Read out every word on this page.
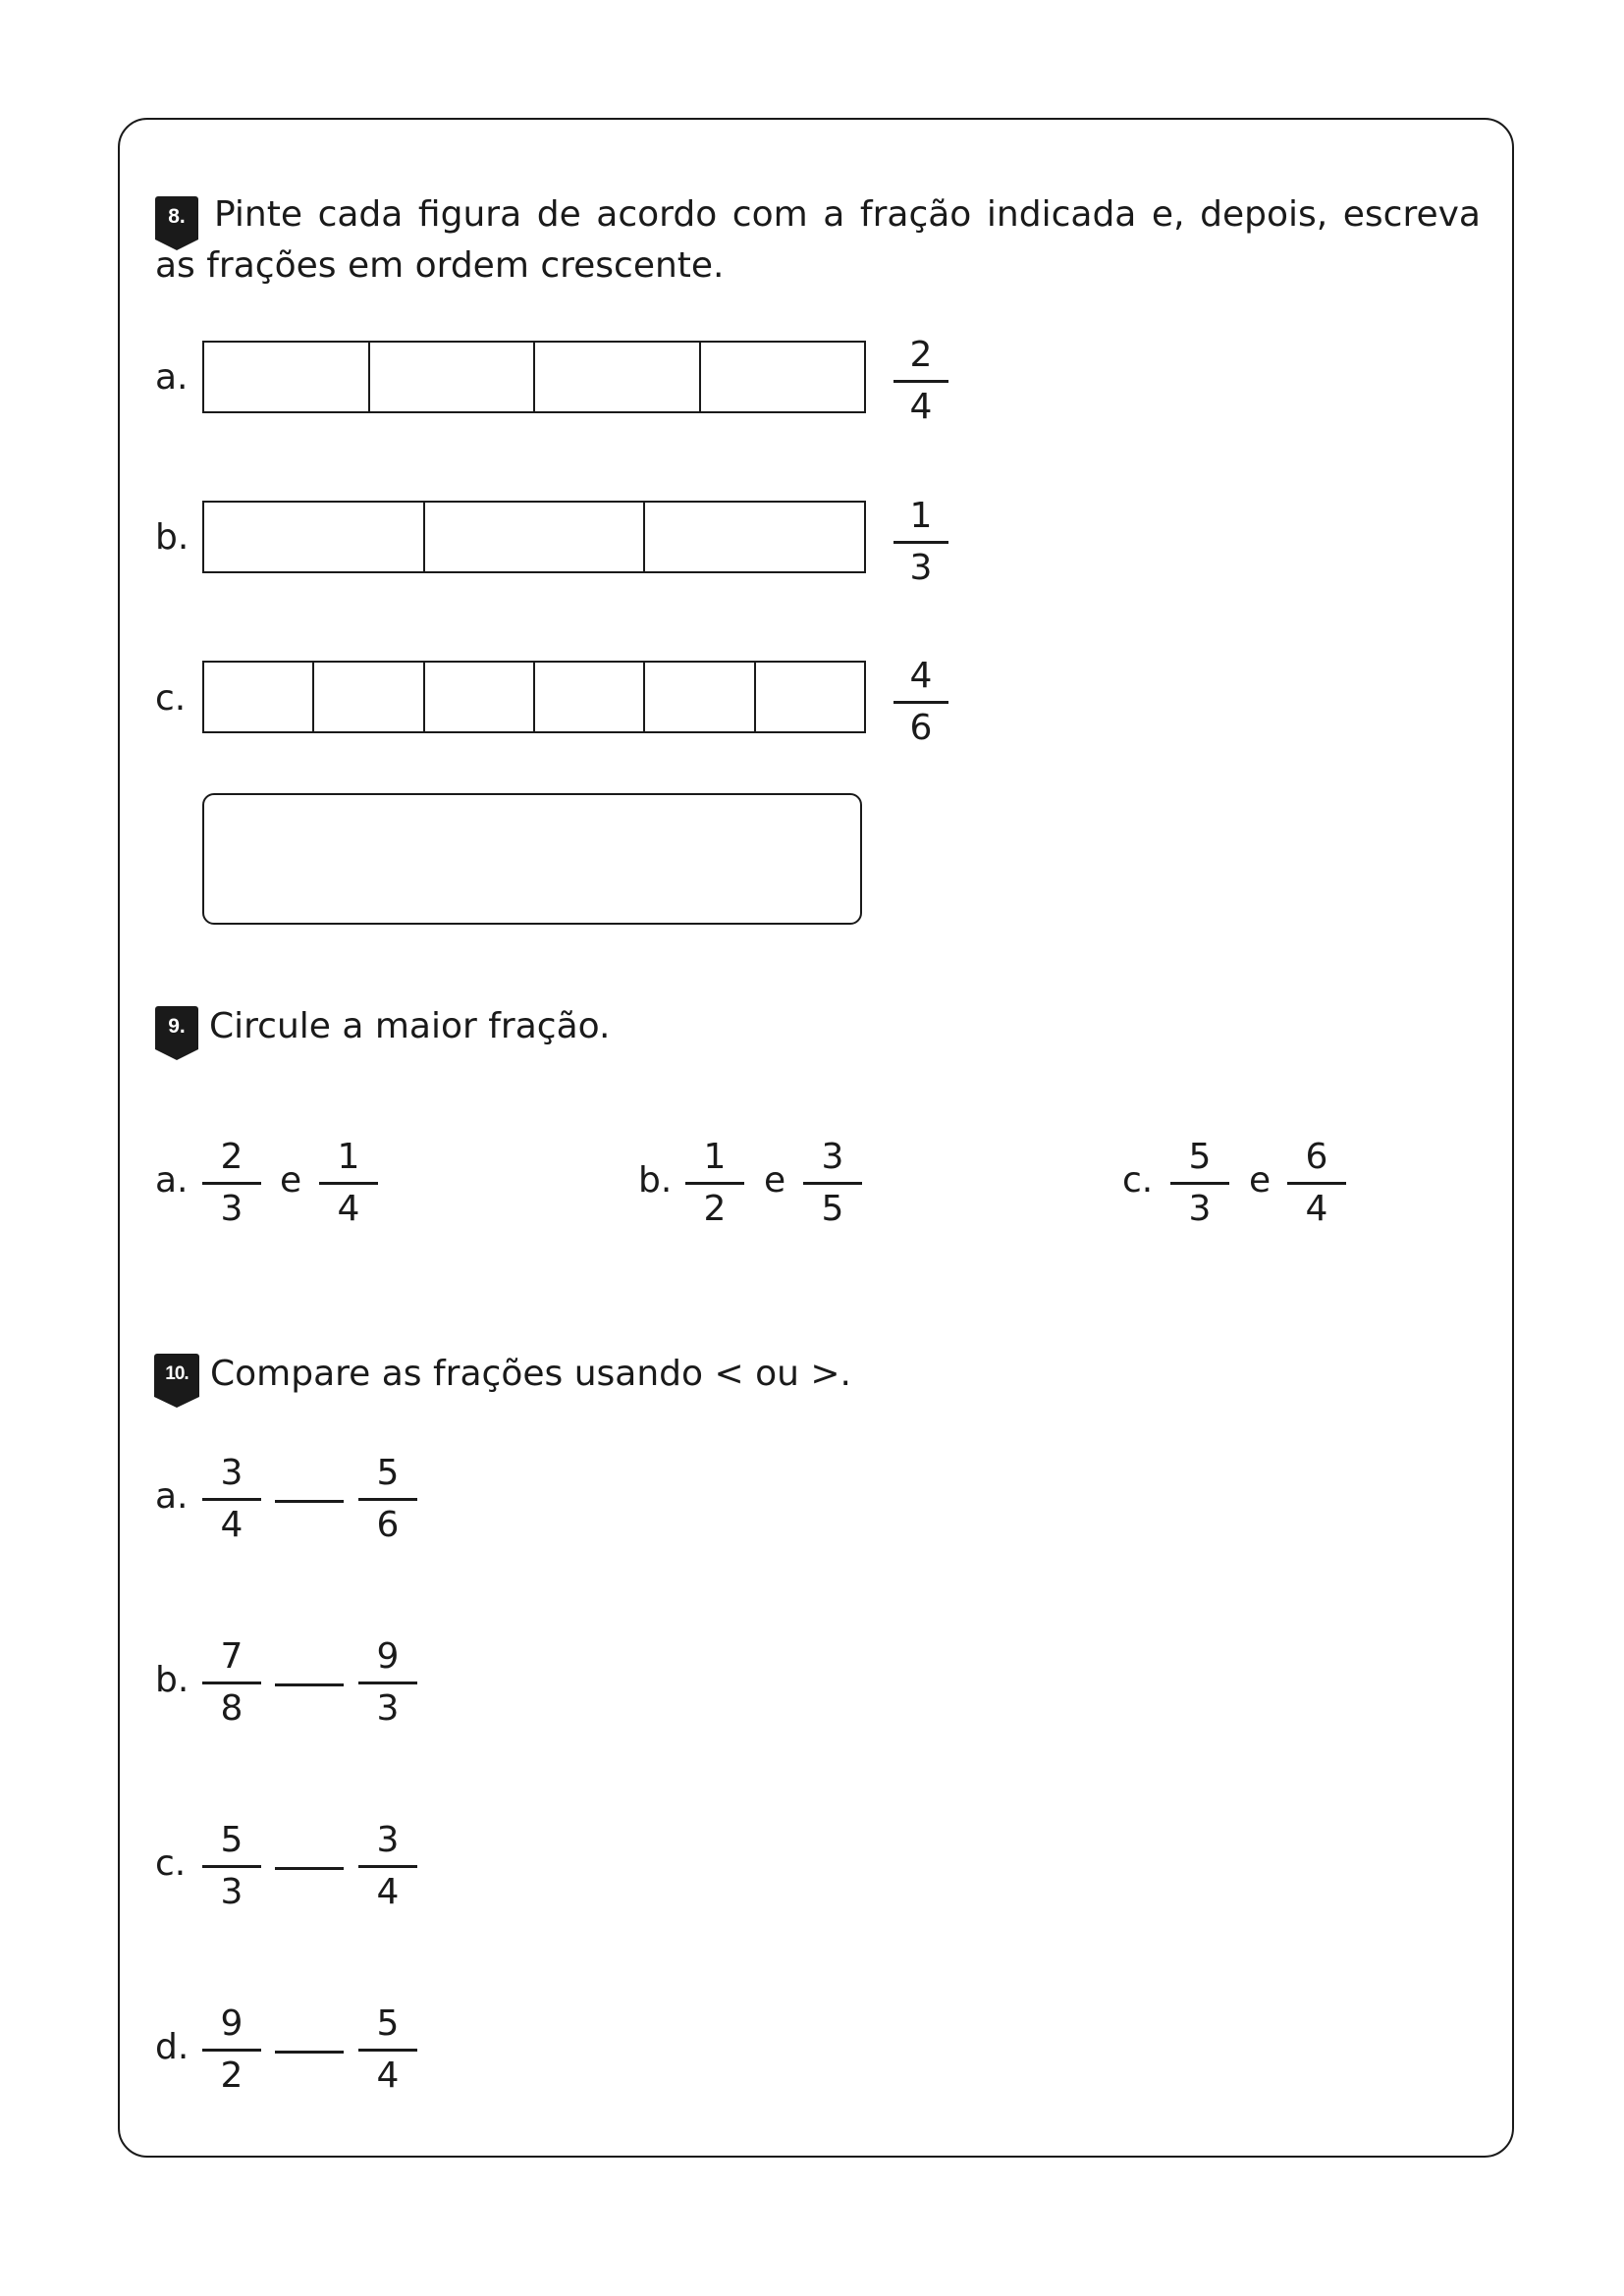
8. Pinte cada figura de acordo com a fração indicada e, depois, escreva as frações em ordem crescente.
a.
2
4
b.
1
3
c.
4
6
9. Circule a maior fração.
a.
2
3
e
1
4
b.
1
2
e
3
5
c.
5
3
e
6
4
10. Compare as frações usando < ou >.
a.
3
4
5
6
b.
7
8
9
3
c.
5
3
3
4
d.
9
2
5
4
